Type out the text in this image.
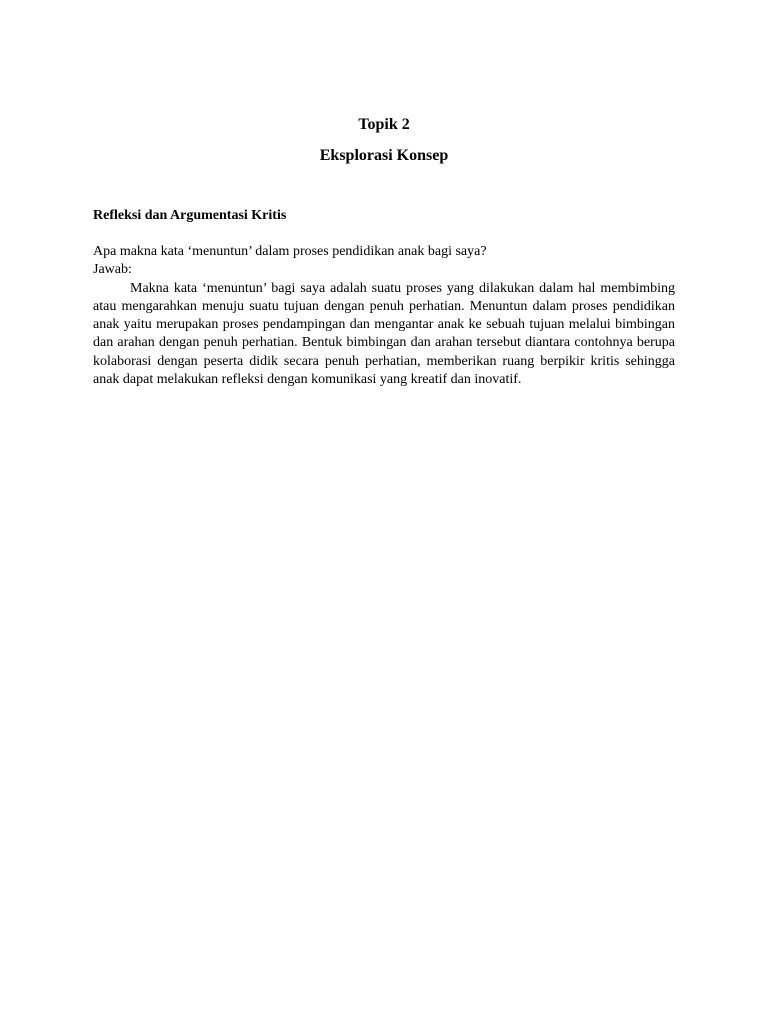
Topik 2
Eksplorasi Konsep
Refleksi dan Argumentasi Kritis

Apa makna kata ‘menuntun’ dalam proses pendidikan anak bagi saya?

Jawab:

Makna kata ‘menuntun’ bagi saya adalah suatu proses yang dilakukan dalam hal membimbing atau mengarahkan menuju suatu tujuan dengan penuh perhatian. Menuntun dalam proses pendidikan anak yaitu merupakan proses pendampingan dan mengantar anak ke sebuah tujuan melalui bimbingan dan arahan dengan penuh perhatian. Bentuk bimbingan dan arahan tersebut diantara contohnya berupa kolaborasi dengan peserta didik secara penuh perhatian, memberikan ruang berpikir kritis sehingga anak dapat melakukan refleksi dengan komunikasi yang kreatif dan inovatif.
